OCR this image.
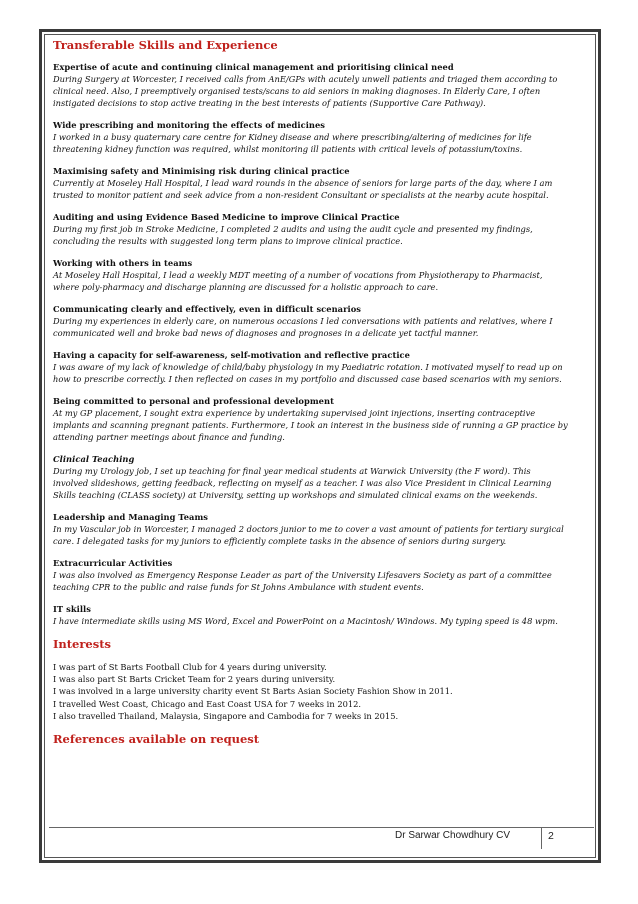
Transferable Skills and Experience
Expertise of acute and continuing clinical management and prioritising clinical need
During Surgery at Worcester, I received calls from AnE/GPs with acutely unwell patients and triaged them according to
clinical need. Also, I preemptively organised tests/scans to aid seniors in making diagnoses. In Elderly Care, I often
instigated decisions to stop active treating in the best interests of patients (Supportive Care Pathway).
Wide prescribing and monitoring the effects of medicines
I worked in a busy quaternary care centre for Kidney disease and where prescribing/altering of medicines for life
threatening kidney function was required, whilst monitoring ill patients with critical levels of potassium/toxins.
Maximising safety and Minimising risk during clinical practice
Currently at Moseley Hall Hospital, I lead ward rounds in the absence of seniors for large parts of the day, where I am
trusted to monitor patient and seek advice from a non-resident Consultant or specialists at the nearby acute hospital.
Auditing and using Evidence Based Medicine to improve Clinical Practice
During my first job in Stroke Medicine, I completed 2 audits and using the audit cycle and presented my findings,
concluding the results with suggested long term plans to improve clinical practice.
Working with others in teams
At Moseley Hall Hospital, I lead a weekly MDT meeting of a number of vocations from Physiotherapy to Pharmacist,
where poly-pharmacy and discharge planning are discussed for a holistic approach to care.
Communicating clearly and effectively, even in difficult scenarios
During my experiences in elderly care, on numerous occasions I led conversations with patients and relatives, where I
communicated well and broke bad news of diagnoses and prognoses in a delicate yet tactful manner.
Having a capacity for self-awareness, self-motivation and reflective practice
I was aware of my lack of knowledge of child/baby physiology in my Paediatric rotation. I motivated myself to read up on
how to prescribe correctly. I then reflected on cases in my portfolio and discussed case based scenarios with my seniors.
Being committed to personal and professional development
At my GP placement, I sought extra experience by undertaking supervised joint injections, inserting contraceptive
implants and scanning pregnant patients. Furthermore, I took an interest in the business side of running a GP practice by
attending partner meetings about finance and funding.
Clinical Teaching
During my Urology job, I set up teaching for final year medical students at Warwick University (the F word). This
involved slideshows, getting feedback, reflecting on myself as a teacher. I was also Vice President in Clinical Learning
Skills teaching (CLASS society) at University, setting up workshops and simulated clinical exams on the weekends.
Leadership and Managing Teams
In my Vascular job in Worcester, I managed 2 doctors junior to me to cover a vast amount of patients for tertiary surgical
care. I delegated tasks for my juniors to efficiently complete tasks in the absence of seniors during surgery.
Extracurricular Activities
I was also involved as Emergency Response Leader as part of the University Lifesavers Society as part of a committee
teaching CPR to the public and raise funds for St Johns Ambulance with student events.
IT skills
I have intermediate skills using MS Word, Excel and PowerPoint on a Macintosh/ Windows. My typing speed is 48 wpm.
Interests
I was part of St Barts Football Club for 4 years during university.
I was also part St Barts Cricket Team for 2 years during university.
I was involved in a large university charity event St Barts Asian Society Fashion Show in 2011.
I travelled West Coast, Chicago and East Coast USA for 7 weeks in 2012.
I also travelled Thailand, Malaysia, Singapore and Cambodia for 7 weeks in 2015.
References available on request
Dr Sarwar Chowdhury CV	2
